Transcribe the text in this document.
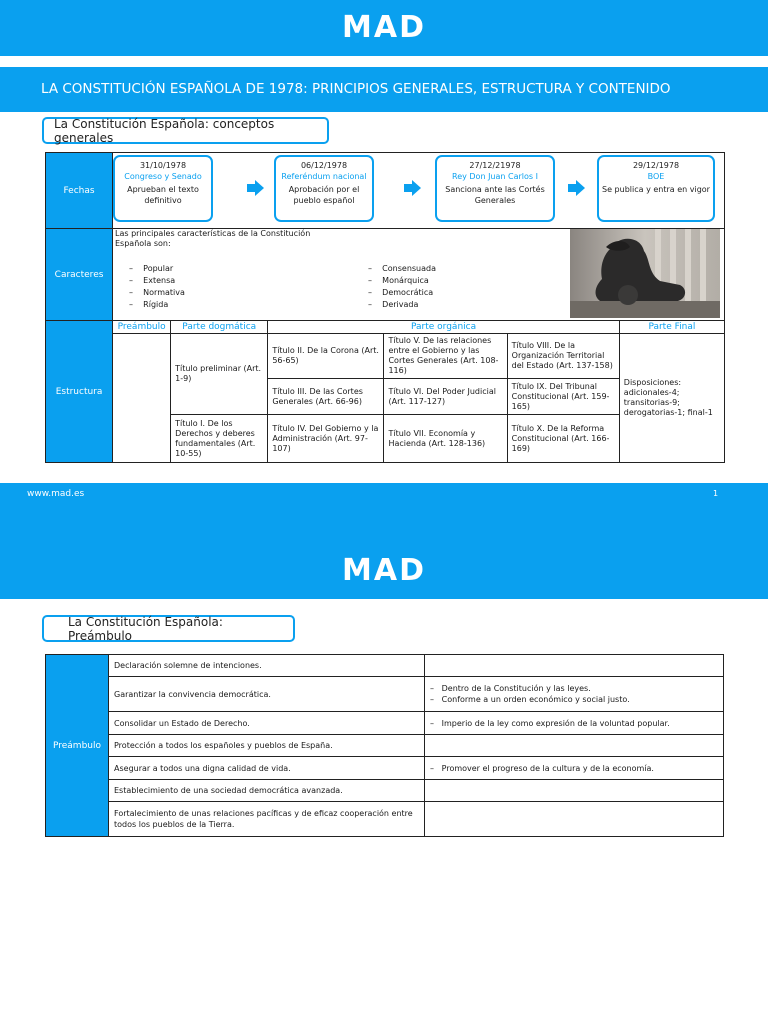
MAD
LA CONSTITUCIÓN ESPAÑOLA DE 1978: PRINCIPIOS GENERALES, ESTRUCTURA Y CONTENIDO
La Constitución Española: conceptos generales
Fechas						
Caracteres						
Estructura	Preámbulo	Parte dogmática	Parte orgánica			Parte Final

		Título preliminar (Art. 1-9)	Título II. De la Corona (Art. 56-65)	Título V. De las relaciones entre el Gobierno y las Cortes Generales (Art. 108-116)	Título VIII. De la Organización Territorial del Estado (Art. 137-158)	Disposiciones: adicionales-4; transitorias-9; derogatorias-1; final-1

			Título III. De las Cortes Generales (Art. 66-96)	Título VI. Del Poder Judicial (Art. 117-127)	Título IX. Del Tribunal Constitucional (Art. 159-165)	

		Título I. De los Derechos y deberes fundamentales (Art. 10-55)	Título IV. Del Gobierno y la Administración (Art. 97-107)	Título VII. Economía y Hacienda (Art. 128-136)	Título X. De la Reforma Constitucional (Art. 166-169)	
31/10/1978
Congreso y Senado
Aprueban el texto definitivo
06/12/1978
Referéndum nacional
Aprobación por el pueblo español
27/12/21978
Rey Don Juan Carlos I
Sanciona ante las Cortés Generales
29/12/1978
BOE
Se publica y entra en vigor
Las principales características de la Constitución Española son:
–    Popular
–    Extensa
–    Normativa
–    Rígida
–    Consensuada
–    Monárquica
–    Democrática
–    Derivada
www.mad.es	1
MAD
La Constitución Española: Preámbulo
Preámbulo	Declaración solemne de intenciones.	
	Garantizar la convivencia democrática.	–   Dentro de la Constitución y las leyes.
–   Conforme a un orden económico y social justo.

	Consolidar un Estado de Derecho.	–   Imperio de la ley como expresión de la voluntad popular.

	Protección a todos los españoles y pueblos de España.	
	Asegurar a todos una digna calidad de vida.	–   Promover el progreso de la cultura y de la economía.

	Establecimiento de una sociedad democrática avanzada.	
	Fortalecimiento de unas relaciones pacíficas y de eficaz cooperación entre todos los pueblos de la Tierra.	
